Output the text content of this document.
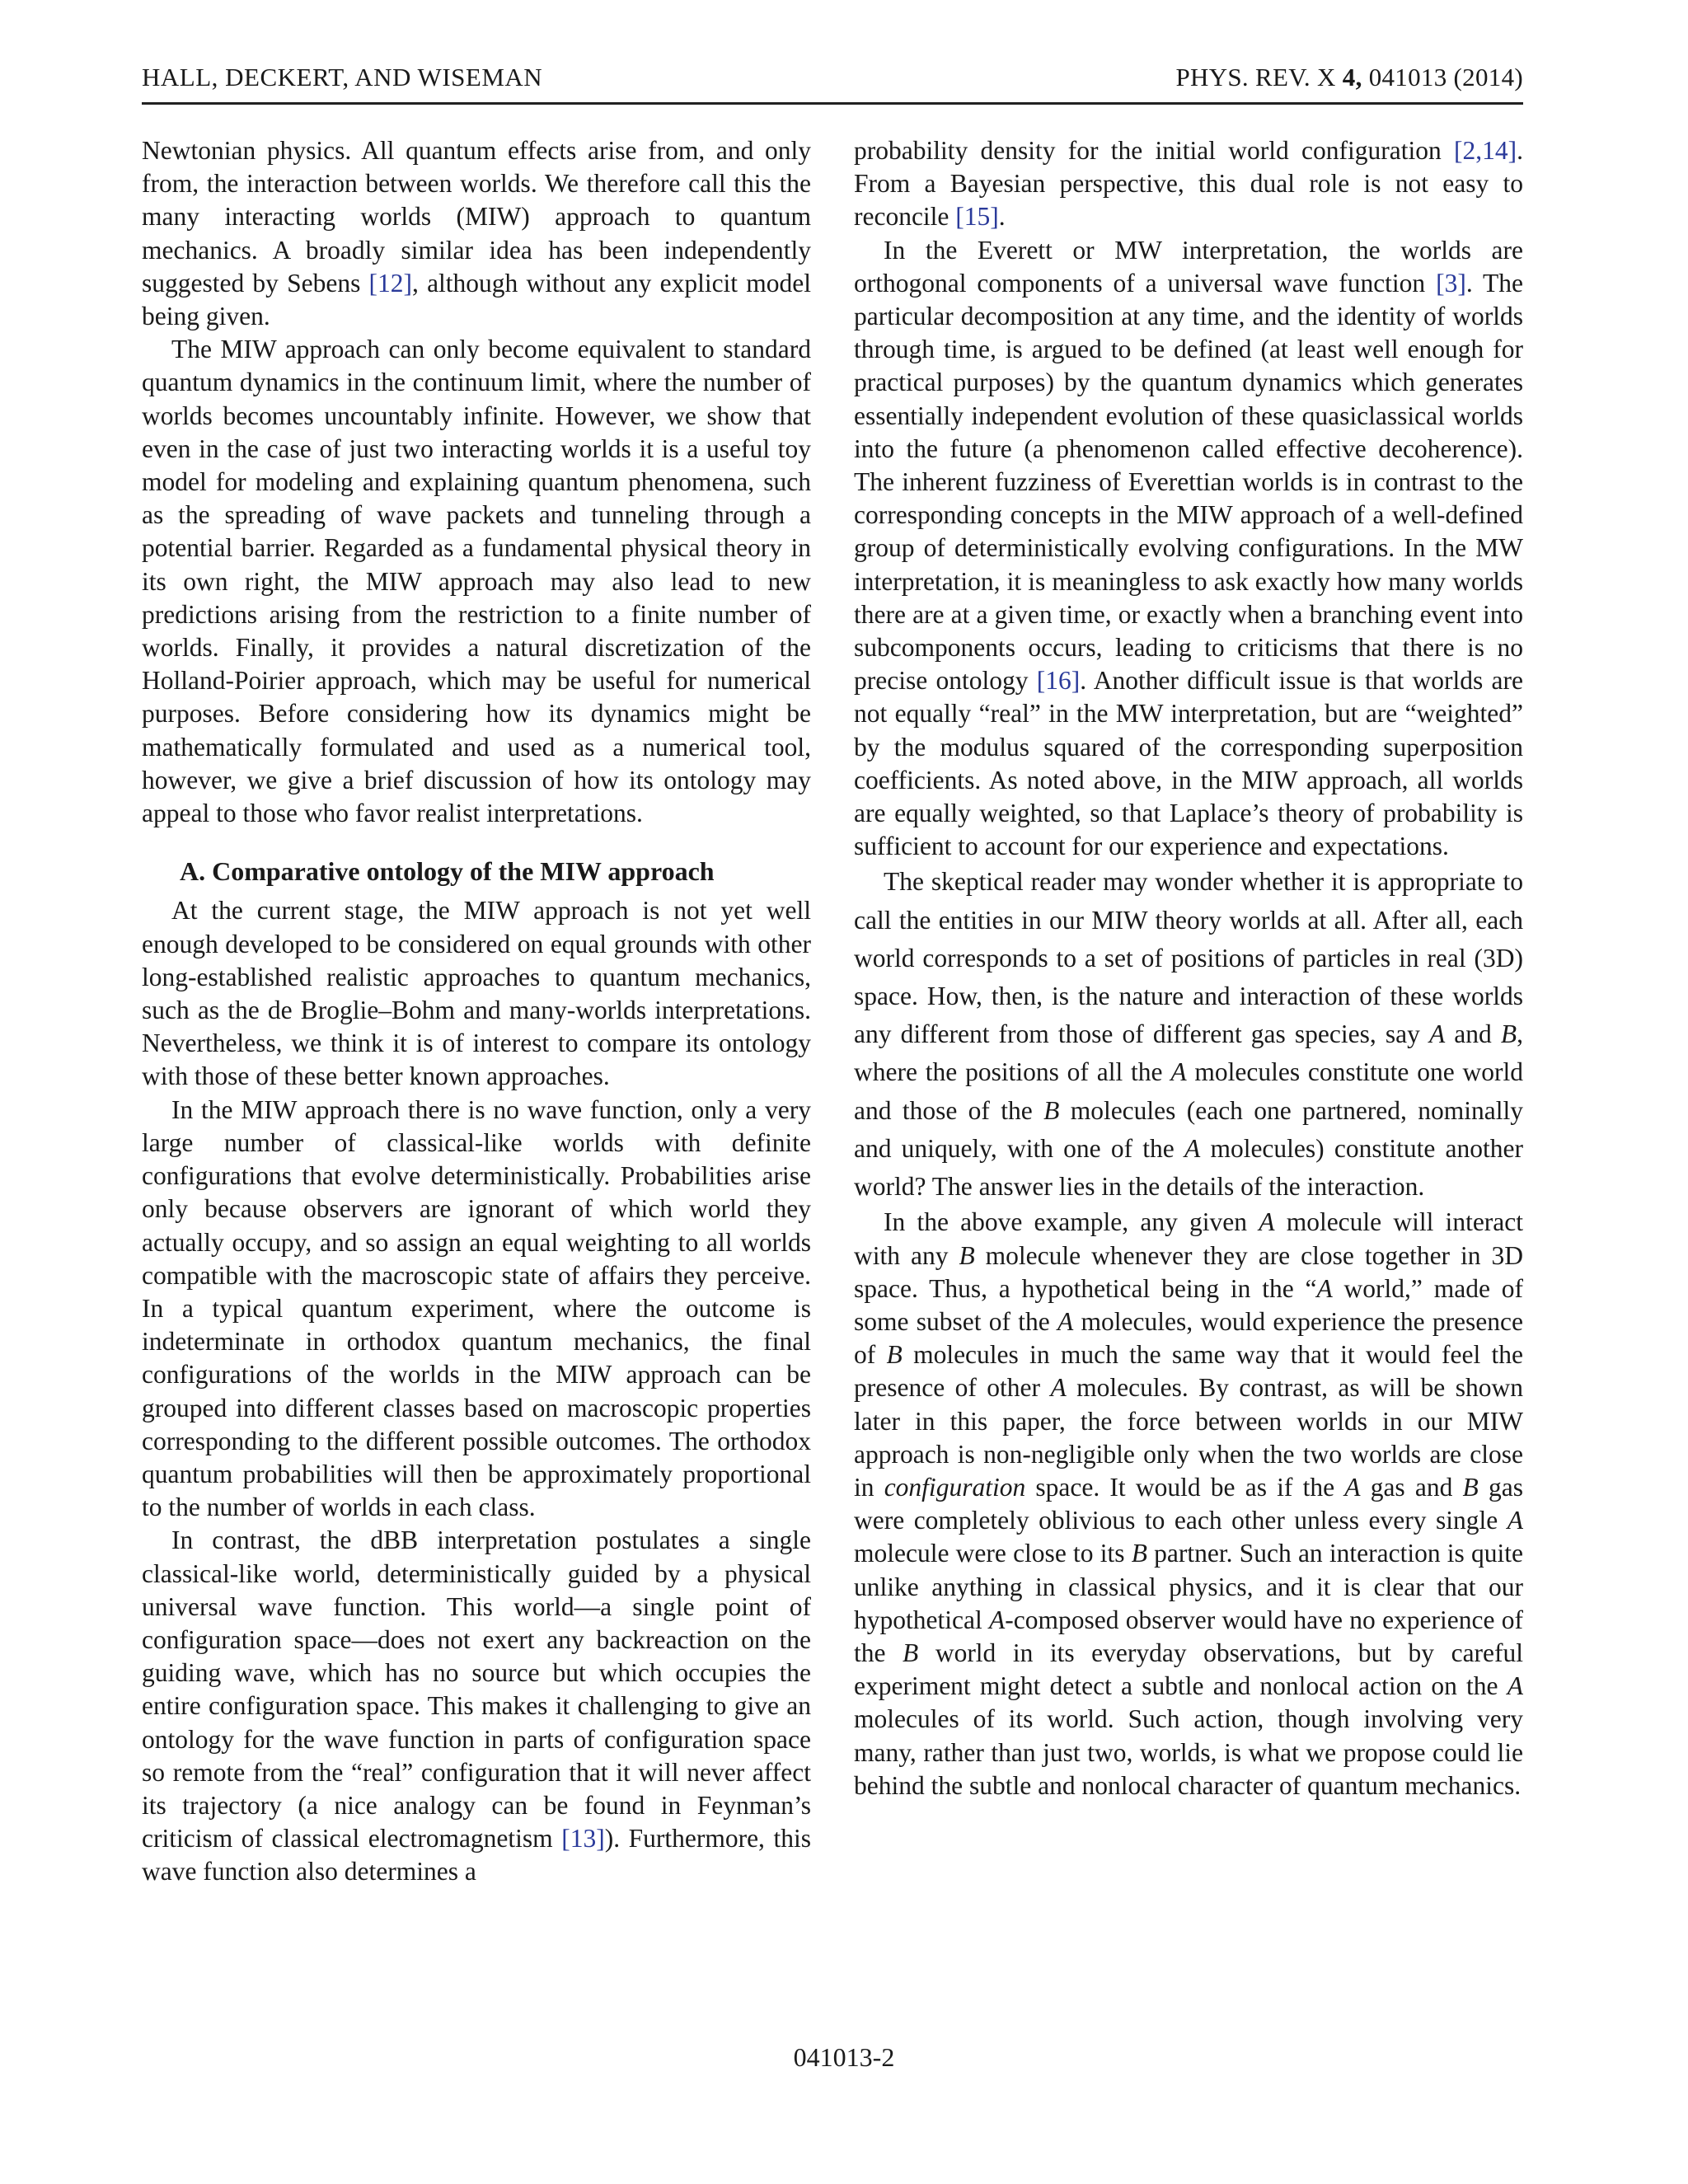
HALL, DECKERT, AND WISEMAN	PHYS. REV. X 4, 041013 (2014)

Newtonian physics. All quantum effects arise from, and only from, the interaction between worlds. We therefore call this the many interacting worlds (MIW) approach to quantum mechanics. A broadly similar idea has been independently suggested by Sebens [12], although without any explicit model being given.

The MIW approach can only become equivalent to standard quantum dynamics in the continuum limit, where the number of worlds becomes uncountably infinite. However, we show that even in the case of just two interacting worlds it is a useful toy model for modeling and explaining quantum phenomena, such as the spreading of wave packets and tunneling through a potential barrier. Regarded as a fundamental physical theory in its own right, the MIW approach may also lead to new predictions arising from the restriction to a finite number of worlds. Finally, it provides a natural discretization of the Holland-Poirier approach, which may be useful for numerical purposes. Before considering how its dynamics might be mathematically formulated and used as a numerical tool, however, we give a brief discussion of how its ontology may appeal to those who favor realist interpretations.

A. Comparative ontology of the MIW approach

At the current stage, the MIW approach is not yet well enough developed to be considered on equal grounds with other long-established realistic approaches to quantum mechanics, such as the de Broglie–Bohm and many-worlds interpretations. Nevertheless, we think it is of interest to compare its ontology with those of these better known approaches.

In the MIW approach there is no wave function, only a very large number of classical-like worlds with definite configurations that evolve deterministically. Probabilities arise only because observers are ignorant of which world they actually occupy, and so assign an equal weighting to all worlds compatible with the macroscopic state of affairs they perceive. In a typical quantum experiment, where the outcome is indeterminate in orthodox quantum mechanics, the final configurations of the worlds in the MIW approach can be grouped into different classes based on macroscopic properties corresponding to the different possible outcomes. The orthodox quantum probabilities will then be approximately proportional to the number of worlds in each class.

In contrast, the dBB interpretation postulates a single classical-like world, deterministically guided by a physical universal wave function. This world—a single point of configuration space—does not exert any backreaction on the guiding wave, which has no source but which occupies the entire configuration space. This makes it challenging to give an ontology for the wave function in parts of configuration space so remote from the “real” configuration that it will never affect its trajectory (a nice analogy can be found in Feynman’s criticism of classical electromagnetism [13]). Furthermore, this wave function also determines a

probability density for the initial world configuration [2,14]. From a Bayesian perspective, this dual role is not easy to reconcile [15].

In the Everett or MW interpretation, the worlds are orthogonal components of a universal wave function [3]. The particular decomposition at any time, and the identity of worlds through time, is argued to be defined (at least well enough for practical purposes) by the quantum dynamics which generates essentially independent evolution of these quasiclassical worlds into the future (a phenomenon called effective decoherence). The inherent fuzziness of Everettian worlds is in contrast to the corresponding concepts in the MIW approach of a well-defined group of deterministically evolving configurations. In the MW interpretation, it is meaningless to ask exactly how many worlds there are at a given time, or exactly when a branching event into subcomponents occurs, leading to criticisms that there is no precise ontology [16]. Another difficult issue is that worlds are not equally “real” in the MW interpretation, but are “weighted” by the modulus squared of the corresponding superposition coefficients. As noted above, in the MIW approach, all worlds are equally weighted, so that Laplace’s theory of probability is sufficient to account for our experience and expectations.

The skeptical reader may wonder whether it is appropriate to call the entities in our MIW theory worlds at all. After all, each world corresponds to a set of positions of particles in real (3D) space. How, then, is the nature and interaction of these worlds any different from those of different gas species, say A and B, where the positions of all the A molecules constitute one world and those of the B molecules (each one partnered, nominally and uniquely, with one of the A molecules) constitute another world? The answer lies in the details of the interaction.

In the above example, any given A molecule will interact with any B molecule whenever they are close together in 3D space. Thus, a hypothetical being in the “A world,” made of some subset of the A molecules, would experience the presence of B molecules in much the same way that it would feel the presence of other A molecules. By contrast, as will be shown later in this paper, the force between worlds in our MIW approach is non-negligible only when the two worlds are close in configuration space. It would be as if the A gas and B gas were completely oblivious to each other unless every single A molecule were close to its B partner. Such an interaction is quite unlike anything in classical physics, and it is clear that our hypothetical A-composed observer would have no experience of the B world in its everyday observations, but by careful experiment might detect a subtle and nonlocal action on the A molecules of its world. Such action, though involving very many, rather than just two, worlds, is what we propose could lie behind the subtle and nonlocal character of quantum mechanics.

041013-2
